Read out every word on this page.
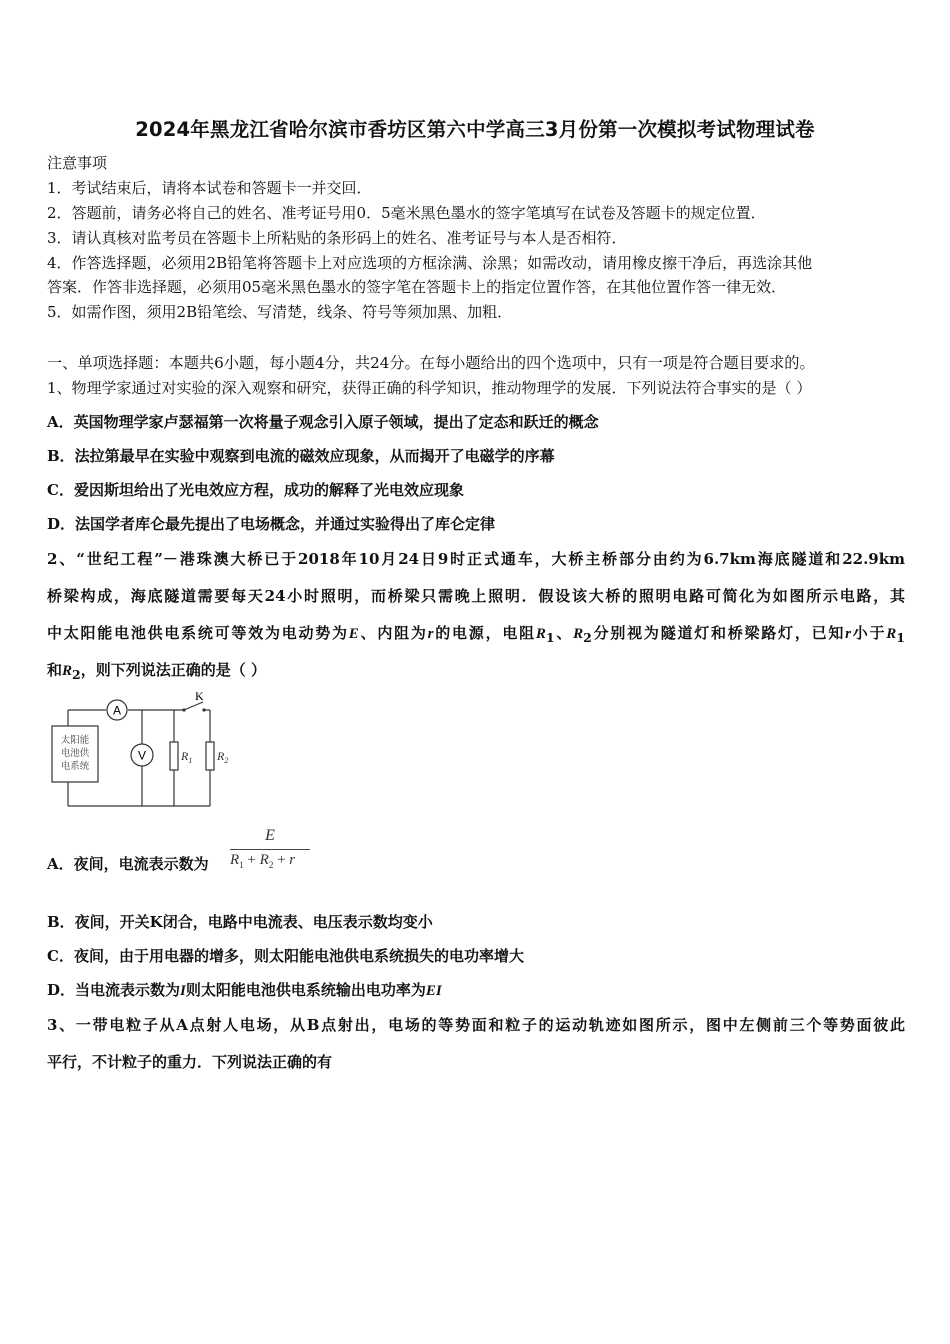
2024年黑龙江省哈尔滨市香坊区第六中学高三3月份第一次模拟考试物理试卷
注意事项
1．考试结束后，请将本试卷和答题卡一并交回．
2．答题前，请务必将自己的姓名、准考证号用0．5毫米黑色墨水的签字笔填写在试卷及答题卡的规定位置．
3．请认真核对监考员在答题卡上所粘贴的条形码上的姓名、准考证号与本人是否相符．
4．作答选择题，必须用2B铅笔将答题卡上对应选项的方框涂满、涂黑；如需改动，请用橡皮擦干净后，再选涂其他
答案．作答非选择题，必须用05毫米黑色墨水的签字笔在答题卡上的指定位置作答，在其他位置作答一律无效．
5．如需作图，须用2B铅笔绘、写清楚，线条、符号等须加黑、加粗．
一、单项选择题：本题共6小题，每小题4分，共24分。在每小题给出的四个选项中，只有一项是符合题目要求的。
1、物理学家通过对实验的深入观察和研究，获得正确的科学知识，推动物理学的发展．下列说法符合事实的是（ ）
A．英国物理学家卢瑟福第一次将量子观念引入原子领域，提出了定态和跃迁的概念
B．法拉第最早在实验中观察到电流的磁效应现象，从而揭开了电磁学的序幕
C．爱因斯坦给出了光电效应方程，成功的解释了光电效应现象
D．法国学者库仑最先提出了电场概念，并通过实验得出了库仑定律
2、“世纪工程”－港珠澳大桥已于2018年10月24日9时正式通车，大桥主桥部分由约为6.7km海底隧道和22.9km
桥梁构成，海底隧道需要每天24小时照明，而桥梁只需晚上照明．假设该大桥的照明电路可简化为如图所示电路，其
中太阳能电池供电系统可等效为电动势为E、内阻为r的电源，电阻$R_1$、$R_2$分别视为隧道灯和桥梁路灯，已知r小于$R_1$
和$R_2$，则下列说法正确的是（ ）
A
V
K
$R_1$ $R_2$
太阳能
电池供
电系统
A．夜间，电流表示数为
E
$R_1 + R_2 + r$
B．夜间，开关K闭合，电路中电流表、电压表示数均变小
C．夜间，由于用电器的增多，则太阳能电池供电系统损失的电功率增大
D．当电流表示数为I则太阳能电池供电系统输出电功率为EI
3、一带电粒子从A点射人电场，从B点射出，电场的等势面和粒子的运动轨迹如图所示，图中左侧前三个等势面彼此
平行，不计粒子的重力．下列说法正确的有
